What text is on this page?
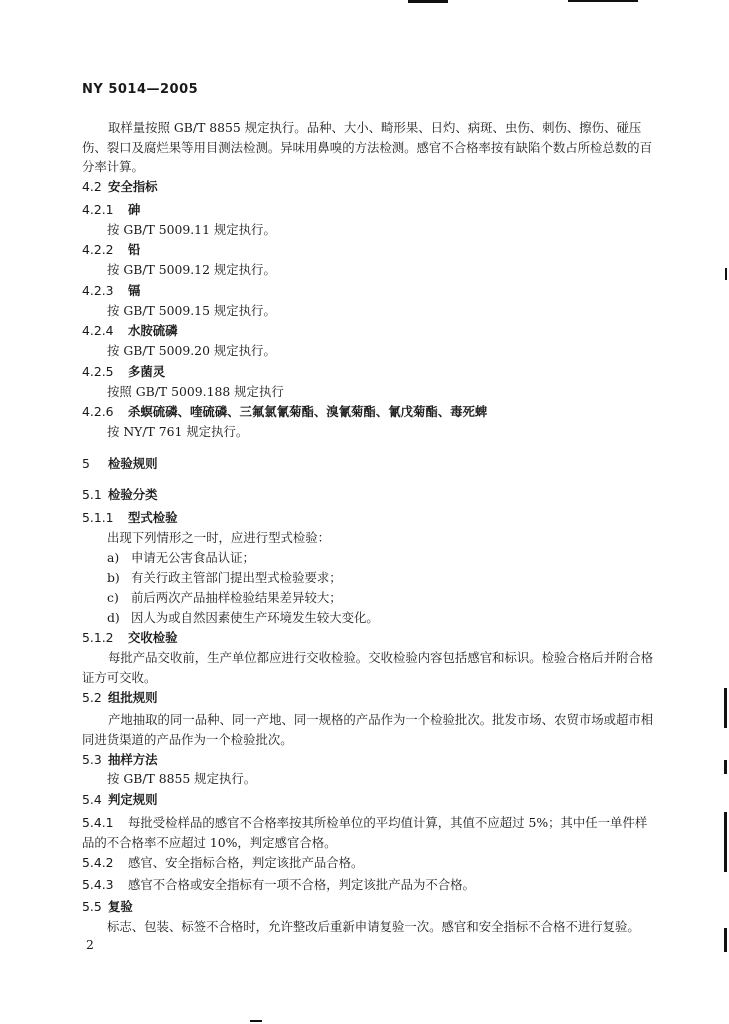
NY 5014—2005
取样量按照 GB/T 8855 规定执行。品种、大小、畸形果、日灼、病斑、虫伤、刺伤、擦伤、碰压伤、裂口及腐烂果等用目测法检测。异味用鼻嗅的方法检测。感官不合格率按有缺陷个数占所检总数的百分率计算。
4.2 安全指标
4.2.1 砷
按 GB/T 5009.11 规定执行。
4.2.2 铅
按 GB/T 5009.12 规定执行。
4.2.3 镉
按 GB/T 5009.15 规定执行。
4.2.4 水胺硫磷
按 GB/T 5009.20 规定执行。
4.2.5 多菌灵
按照 GB/T 5009.188 规定执行
4.2.6 杀螟硫磷、喹硫磷、三氟氯氰菊酯、溴氰菊酯、氰戊菊酯、毒死蜱
按 NY/T 761 规定执行。
5 检验规则
5.1 检验分类
5.1.1 型式检验
出现下列情形之一时，应进行型式检验：
a) 申请无公害食品认证；
b) 有关行政主管部门提出型式检验要求；
c) 前后两次产品抽样检验结果差异较大；
d) 因人为或自然因素使生产环境发生较大变化。
5.1.2 交收检验
每批产品交收前，生产单位都应进行交收检验。交收检验内容包括感官和标识。检验合格后并附合格证方可交收。
5.2 组批规则
产地抽取的同一品种、同一产地、同一规格的产品作为一个检验批次。批发市场、农贸市场或超市相同进货渠道的产品作为一个检验批次。
5.3 抽样方法
按 GB/T 8855 规定执行。
5.4 判定规则
5.4.1 每批受检样品的感官不合格率按其所检单位的平均值计算，其值不应超过 5%；其中任一单件样品的不合格率不应超过 10%，判定感官合格。
5.4.2 感官、安全指标合格，判定该批产品合格。
5.4.3 感官不合格或安全指标有一项不合格，判定该批产品为不合格。
5.5 复验
标志、包装、标签不合格时，允许整改后重新申请复验一次。感官和安全指标不合格不进行复验。
2
